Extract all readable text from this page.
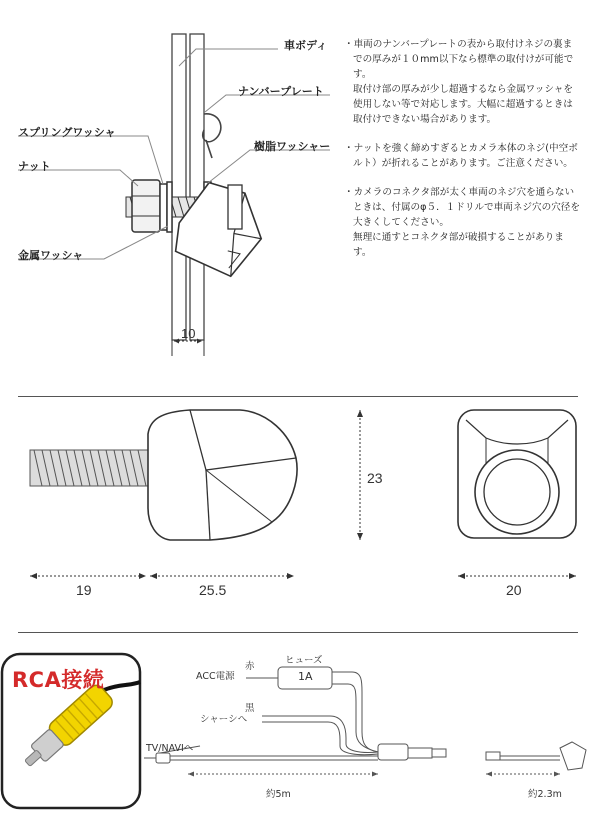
車ボディ
ナンバープレート
スプリングワッシャ
樹脂ワッシャー
ナット
金属ワッシャ
10

・車両のナンバープレートの表から取付けネジの裏までの厚みが１０mm以下なら標準の取付けが可能です。

取付け部の厚みが少し超過するなら金属ワッシャを使用しない等で対応します。大幅に超過するときは取付けできない場合があります。

・ナットを強く締めすぎるとカメラ本体のネジ(中空ボルト）が折れることがあります。ご注意ください。

・カメラのコネクタ部が太く車両のネジ穴を通らないときは、付属のφ５．１ドリルで車両ネジ穴の穴径を大きくしてください。

無理に通すとコネクタ部が破損することがあります。

19	25.5
23
20
RCA接続
ヒューズ
1A
ACC電源
赤
シャーシへ
黒
TV/NAVIへ
約5m	約2.3m
